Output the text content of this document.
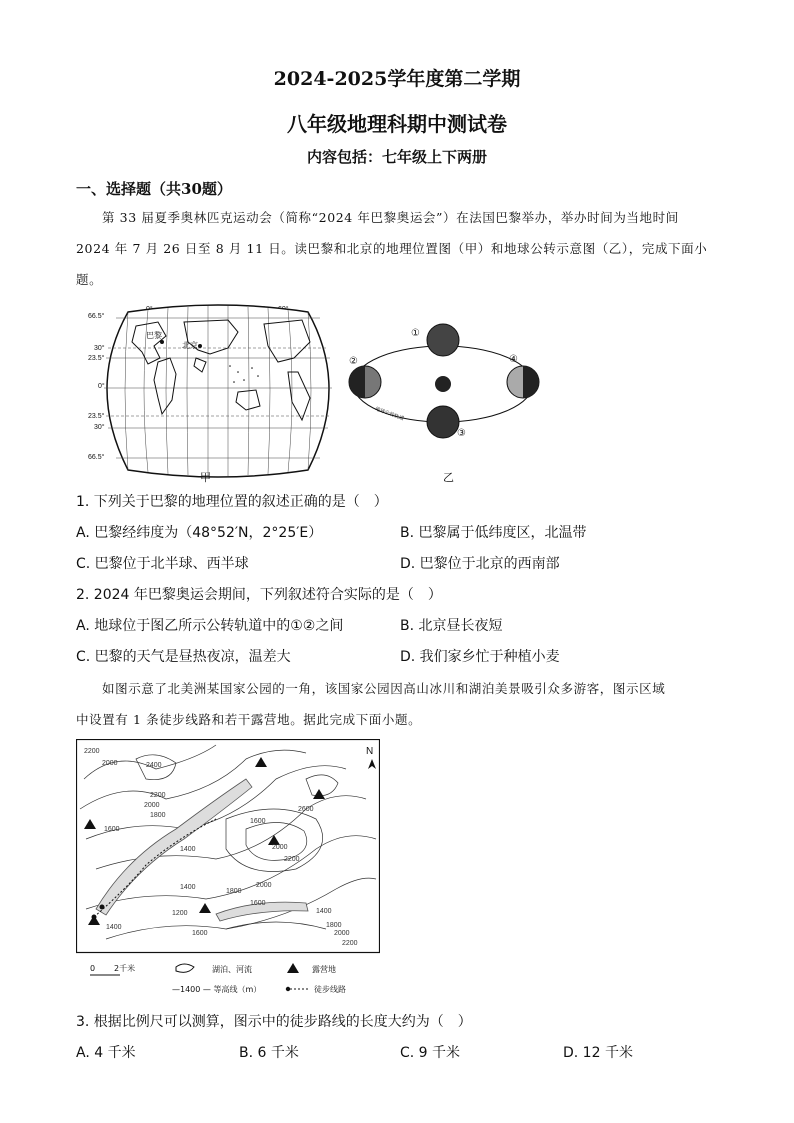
2024-2025学年度第二学期
八年级地理科期中测试卷
内容包括：七年级上下两册
一、选择题（共30题）
第 33 届夏季奥林匹克运动会（简称“2024 年巴黎奥运会”）在法国巴黎举办，举办时间为当地时间
2024 年 7 月 26 日至 8 月 11 日。读巴黎和北京的地理位置图（甲）和地球公转示意图（乙），完成下面小
题。
66.5°
30°
23.5°
0°
23.5°
30°
66.5°
巴黎
北京
甲
①
②
③
④
地球公转轨道
乙
1. 下列关于巴黎的地理位置的叙述正确的是（　）
A. 巴黎经纬度为（48°52′N，2°25′E）	B. 巴黎属于低纬度区，北温带
C. 巴黎位于北半球、西半球	D. 巴黎位于北京的西南部
2. 2024 年巴黎奥运会期间，下列叙述符合实际的是（　）
A. 地球位于图乙所示公转轨道中的①②之间	B. 北京昼长夜短
C. 巴黎的天气是昼热夜凉，温差大	D. 我们家乡忙于种植小麦
如图示意了北美洲某国家公园的一角，该国家公园因高山冰川和湖泊美景吸引众多游客，图示区域
中设置有 1 条徒步线路和若干露营地。据此完成下面小题。
N
2200
2000	2400
2200
2000
1800
1600
2600
1400
1600
2000
2200
1800
2000
1600
1400
1200
1400
1600
1400
1800
2000
2200
0 2千米	湖泊、河流	露营地
—1400 — 等高线（m）	徒步线路
3. 根据比例尺可以测算，图示中的徒步路线的长度大约为（　）
A. 4 千米	B. 6 千米	C. 9 千米	D. 12 千米
